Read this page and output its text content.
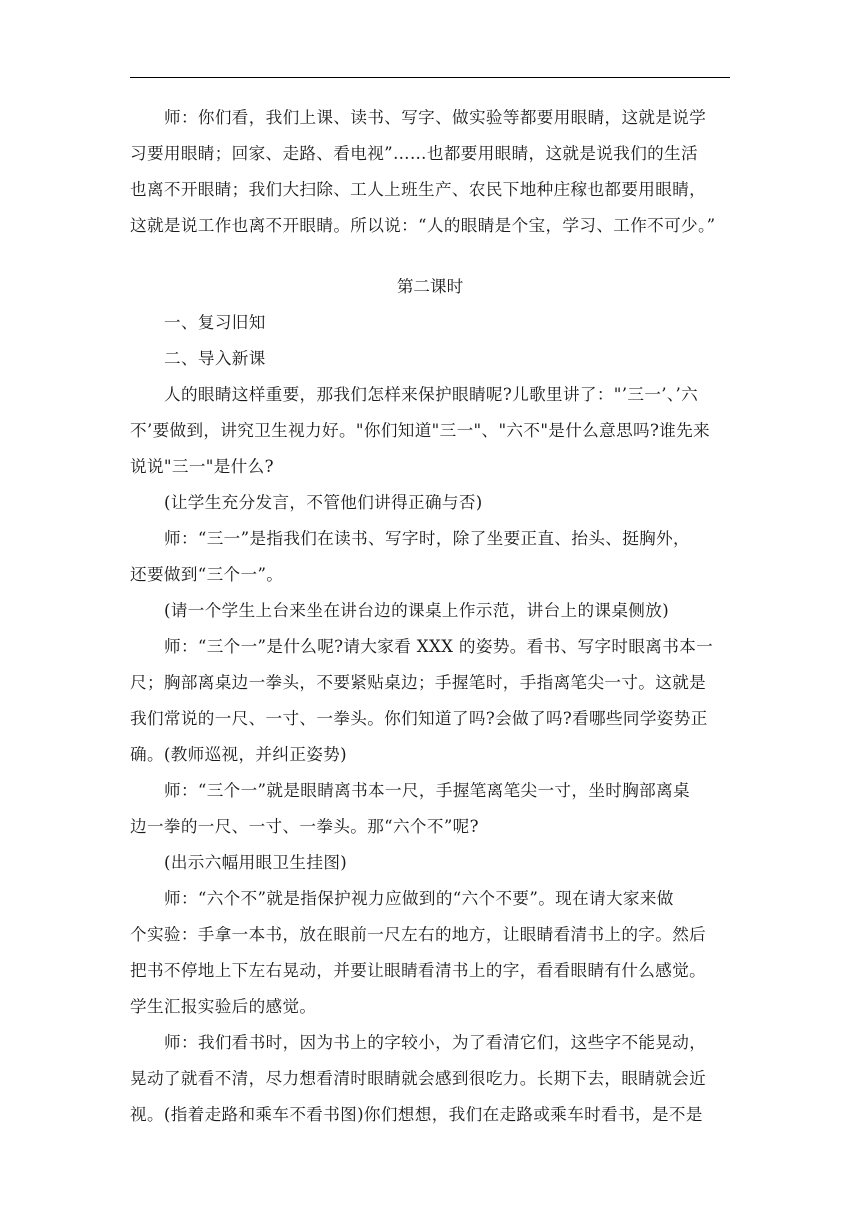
师：你们看，我们上课、读书、写字、做实验等都要用眼睛，这就是说学
习要用眼睛；回家、走路、看电视”……也都要用眼睛，这就是说我们的生活
也离不开眼睛；我们大扫除、工人上班生产、农民下地种庄稼也都要用眼睛，
这就是说工作也离不开眼睛。所以说：“人的眼睛是个宝，学习、工作不可少。”
第二课时
一、复习旧知
二、导入新课
人的眼睛这样重要，那我们怎样来保护眼睛呢?儿歌里讲了："’三一’、’六
不’要做到，讲究卫生视力好。"你们知道"三一"、"六不"是什么意思吗?谁先来
说说"三一"是什么?
(让学生充分发言，不管他们讲得正确与否)
师：“三一”是指我们在读书、写字时，除了坐要正直、抬头、挺胸外，
还要做到“三个一”。
(请一个学生上台来坐在讲台边的课桌上作示范，讲台上的课桌侧放)
师：“三个一”是什么呢?请大家看 XXX 的姿势。看书、写字时眼离书本一
尺；胸部离桌边一拳头，不要紧贴桌边；手握笔时，手指离笔尖一寸。这就是
我们常说的一尺、一寸、一拳头。你们知道了吗?会做了吗?看哪些同学姿势正
确。(教师巡视，并纠正姿势)
师：“三个一”就是眼睛离书本一尺，手握笔离笔尖一寸，坐时胸部离桌
边一拳的一尺、一寸、一拳头。那“六个不”呢?
(出示六幅用眼卫生挂图)
师：“六个不”就是指保护视力应做到的“六个不要”。现在请大家来做
个实验：手拿一本书，放在眼前一尺左右的地方，让眼睛看清书上的字。然后
把书不停地上下左右晃动，并要让眼睛看清书上的字，看看眼睛有什么感觉。
学生汇报实验后的感觉。
师：我们看书时，因为书上的字较小，为了看清它们，这些字不能晃动，
晃动了就看不清，尽力想看清时眼睛就会感到很吃力。长期下去，眼睛就会近
视。(指着走路和乘车不看书图)你们想想，我们在走路或乘车时看书，是不是
